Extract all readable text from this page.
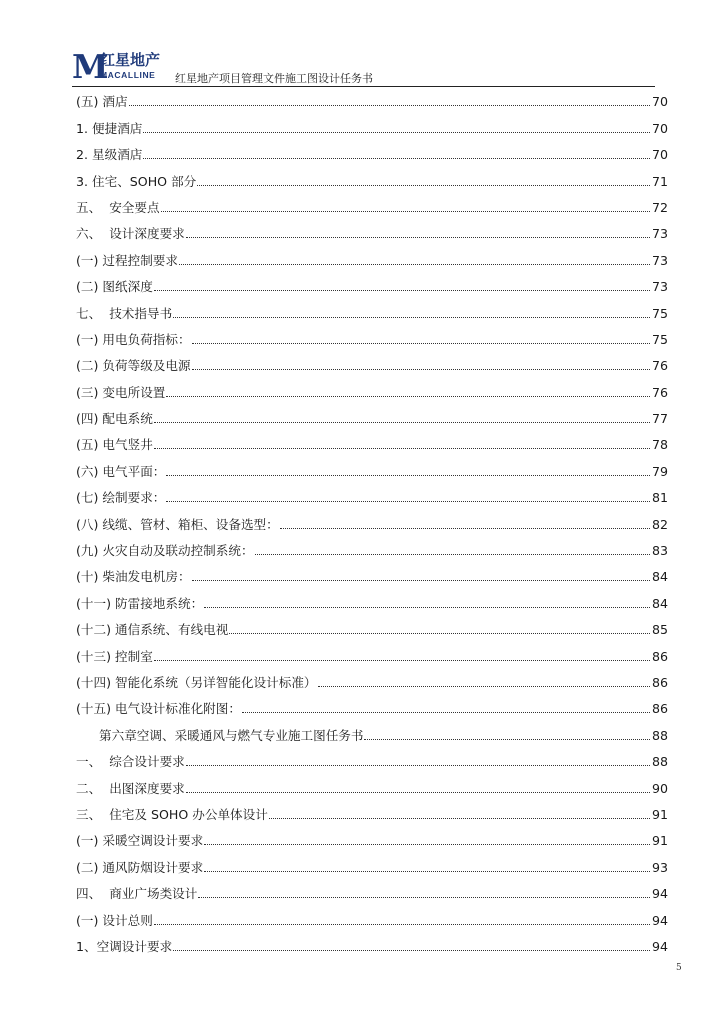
M
红星地产
MACALLINE 红星地产项目管理文件施工图设计任务书
(五) 酒店	70
1. 便捷酒店	70
2. 星级酒店	70
3. 住宅、SOHO 部分	71
五、  安全要点	72
六、  设计深度要求	73
(一) 过程控制要求	73
(二) 图纸深度	73
七、  技术指导书	75
(一) 用电负荷指标：	75
(二) 负荷等级及电源	76
(三) 变电所设置	76
(四) 配电系统	77
(五) 电气竖井	78
(六) 电气平面：	79
(七) 绘制要求：	81
(八) 线缆、管材、箱柜、设备选型：	82
(九) 火灾自动及联动控制系统：	83
(十) 柴油发电机房：	84
(十一) 防雷接地系统：	84
(十二) 通信系统、有线电视	85
(十三) 控制室	86
(十四) 智能化系统（另详智能化设计标准）	86
(十五) 电气设计标准化附图：	86
第六章空调、采暖通风与燃气专业施工图任务书	88
一、  综合设计要求	88
二、  出图深度要求	90
三、  住宅及 SOHO 办公单体设计	91
(一) 采暖空调设计要求	91
(二) 通风防烟设计要求	93
四、  商业广场类设计	94
(一) 设计总则	94
1、空调设计要求	94
5
